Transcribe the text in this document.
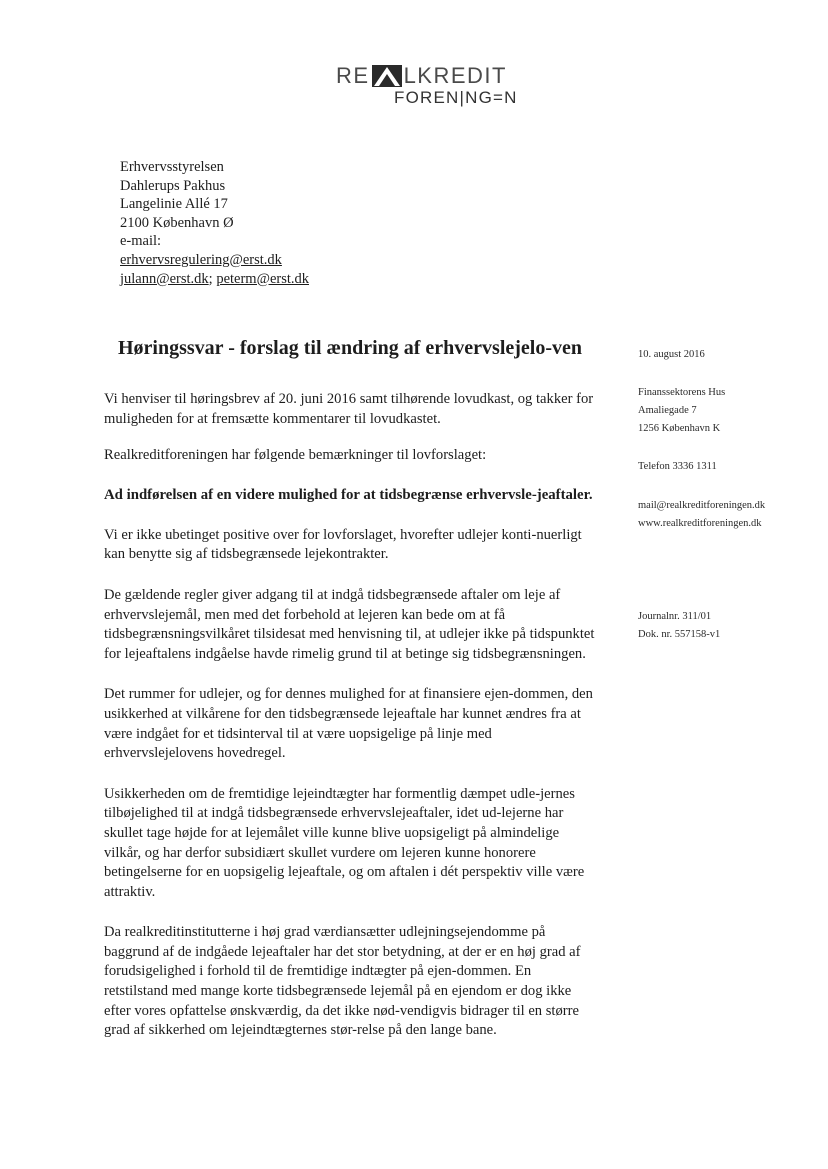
RE LKREDIT
FOREN|NG=N
Erhvervsstyrelsen
Dahlerups Pakhus
Langelinie Allé 17
2100 København Ø
e-mail:
erhvervsregulering@erst.dk
julann@erst.dk; peterm@erst.dk
Høringssvar - forslag til ændring af erhvervslejelo-ven

Vi henviser til høringsbrev af 20. juni 2016 samt tilhørende lovudkast, og takker for muligheden for at fremsætte kommentarer til lovudkastet.

Realkreditforeningen har følgende bemærkninger til lovforslaget:

Ad indførelsen af en videre mulighed for at tidsbegrænse erhvervsle-jeaftaler.

Vi er ikke ubetinget positive over for lovforslaget, hvorefter udlejer konti-nuerligt kan benytte sig af tidsbegrænsede lejekontrakter.

De gældende regler giver adgang til at indgå tidsbegrænsede aftaler om leje af erhvervslejemål, men med det forbehold at lejeren kan bede om at få tidsbegrænsningsvilkåret tilsidesat med henvisning til, at udlejer ikke på tidspunktet for lejeaftalens indgåelse havde rimelig grund til at betinge sig tidsbegrænsningen.

Det rummer for udlejer, og for dennes mulighed for at finansiere ejen-dommen, den usikkerhed at vilkårene for den tidsbegrænsede lejeaftale har kunnet ændres fra at være indgået for et tidsinterval til at være uopsigelige på linje med erhvervslejelovens hovedregel.

Usikkerheden om de fremtidige lejeindtægter har formentlig dæmpet udle-jernes tilbøjelighed til at indgå tidsbegrænsede erhvervslejeaftaler, idet ud-lejerne har skullet tage højde for at lejemålet ville kunne blive uopsigeligt på almindelige vilkår, og har derfor subsidiært skullet vurdere om lejeren kunne honorere betingelserne for en uopsigelig lejeaftale, og om aftalen i dét perspektiv ville være attraktiv.

Da realkreditinstitutterne i høj grad værdiansætter udlejningsejendomme på baggrund af de indgåede lejeaftaler har det stor betydning, at der er en høj grad af forudsigelighed i forhold til de fremtidige indtægter på ejen-dommen. En retstilstand med mange korte tidsbegrænsede lejemål på en ejendom er dog ikke efter vores opfattelse ønskværdig, da det ikke nød-vendigvis bidrager til en større grad af sikkerhed om lejeindtægternes stør-relse på den lange bane.

10. august 2016
Finanssektorens Hus
Amaliegade 7
1256 København K
Telefon 3336 1311
mail@realkreditforeningen.dk
www.realkreditforeningen.dk
Journalnr. 311/01
Dok. nr. 557158-v1
